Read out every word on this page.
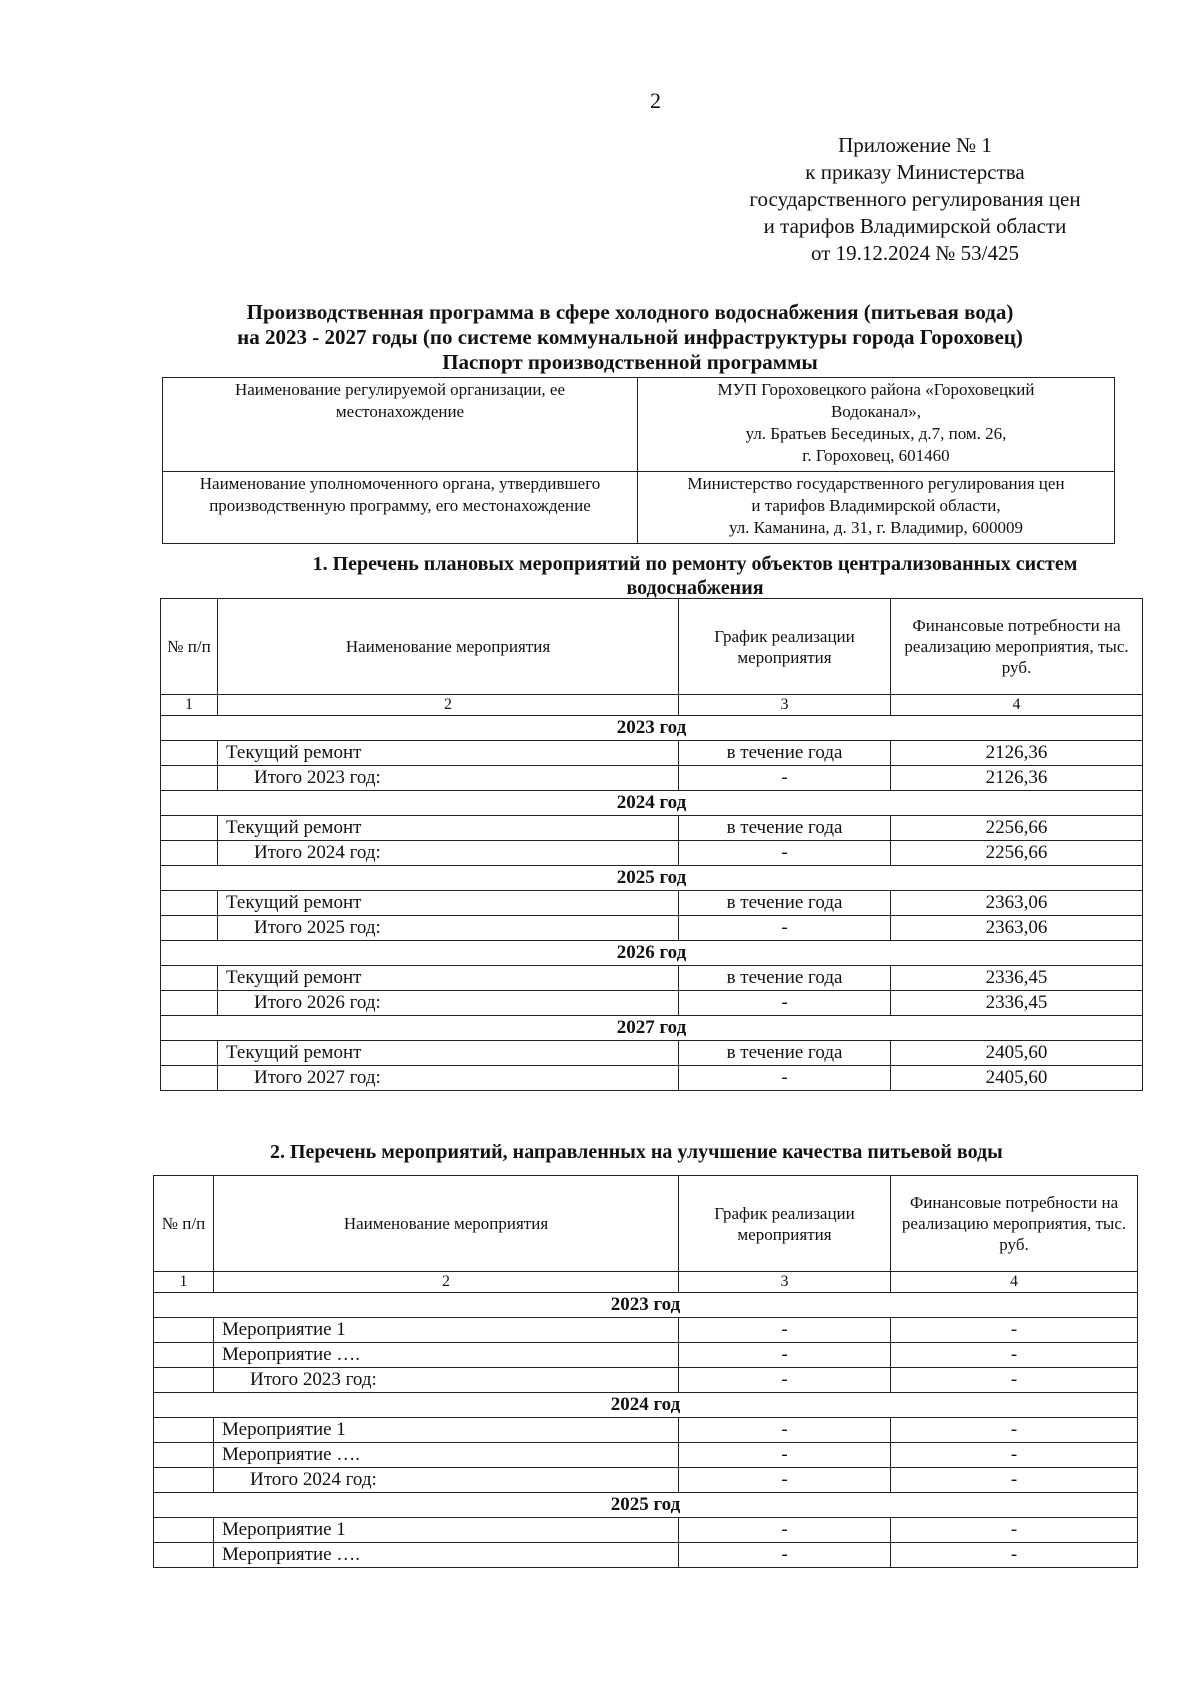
2
Приложение № 1
к приказу Министерства
государственного регулирования цен
и тарифов Владимирской области
от 19.12.2024 № 53/425
Производственная программа в сфере холодного водоснабжения (питьевая вода)
на 2023 - 2027 годы (по системе коммунальной инфраструктуры города Гороховец)
Паспорт производственной программы
Наименование регулируемой организации, ее местонахождение	МУП Гороховецкого района «Гороховецкий
Водоканал»,
ул. Братьев Бесединых, д.7, пом. 26,
г. Гороховец, 601460

Наименование уполномоченного органа, утвердившего производственную программу, его местонахождение	Министерство государственного регулирования цен
и тарифов Владимирской области,
ул. Каманина, д. 31, г. Владимир, 600009
1. Перечень плановых мероприятий по ремонту объектов централизованных систем водоснабжения
№ п/п	Наименование мероприятия	График реализации мероприятия	Финансовые потребности на реализацию мероприятия, тыс. руб.
1	2	3	4
2023 год			
	Текущий ремонт	в течение года	2126,36
	Итого 2023 год:	-	2126,36
2024 год			
	Текущий ремонт	в течение года	2256,66
	Итого 2024 год:	-	2256,66
2025 год			
	Текущий ремонт	в течение года	2363,06
	Итого 2025 год:	-	2363,06
2026 год			
	Текущий ремонт	в течение года	2336,45
	Итого 2026 год:	-	2336,45
2027 год			
	Текущий ремонт	в течение года	2405,60
	Итого 2027 год:	-	2405,60
2. Перечень мероприятий, направленных на улучшение качества питьевой воды
№ п/п	Наименование мероприятия	График реализации мероприятия	Финансовые потребности на реализацию мероприятия, тыс. руб.
1	2	3	4
2023 год			
	Мероприятие 1	-	-
	Мероприятие ….	-	-
	Итого 2023 год:	-	-
2024 год			
	Мероприятие 1	-	-
	Мероприятие ….	-	-
	Итого 2024 год:	-	-
2025 год			
	Мероприятие 1	-	-
	Мероприятие ….	-	-
